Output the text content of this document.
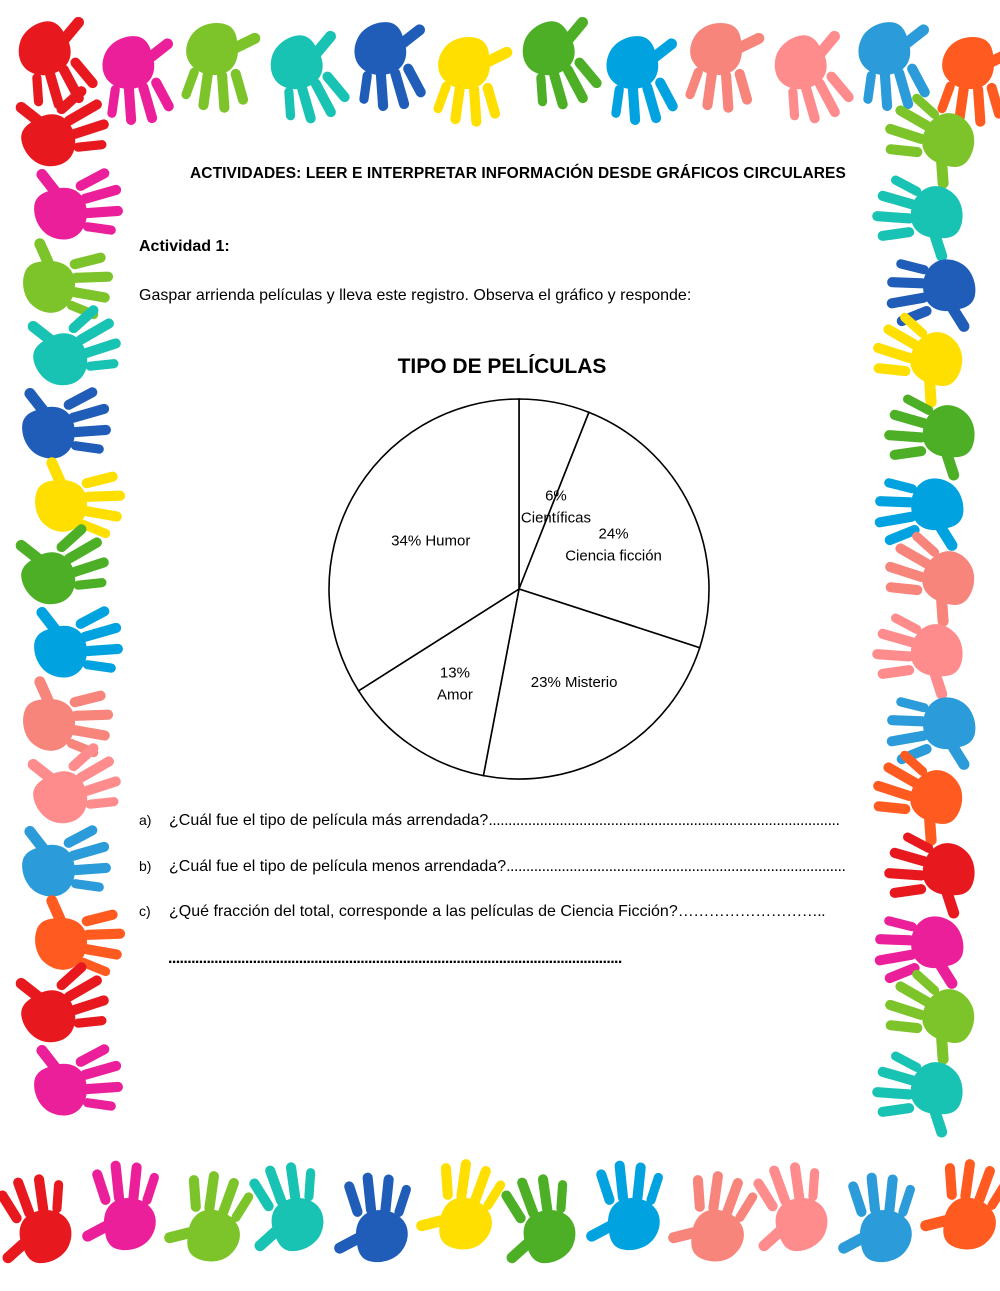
ACTIVIDADES: LEER E INTERPRETAR INFORMACIÓN DESDE GRÁFICOS CIRCULARES
Actividad 1:
Gaspar arrienda películas y lleva este registro. Observa el gráfico y responde:
TIPO DE PELÍCULAS
6%
Científicas
24%
Ciencia ficción
23% Misterio
13%
Amor
34% Humor
a) ¿Cuál fue el tipo de película más arrendada?.........................................................................................
b) ¿Cuál fue el tipo de película menos arrendada?......................................................................................
c) ¿Qué fracción del total, corresponde a las películas de Ciencia Ficción?………………………..
......................................................................................................................
